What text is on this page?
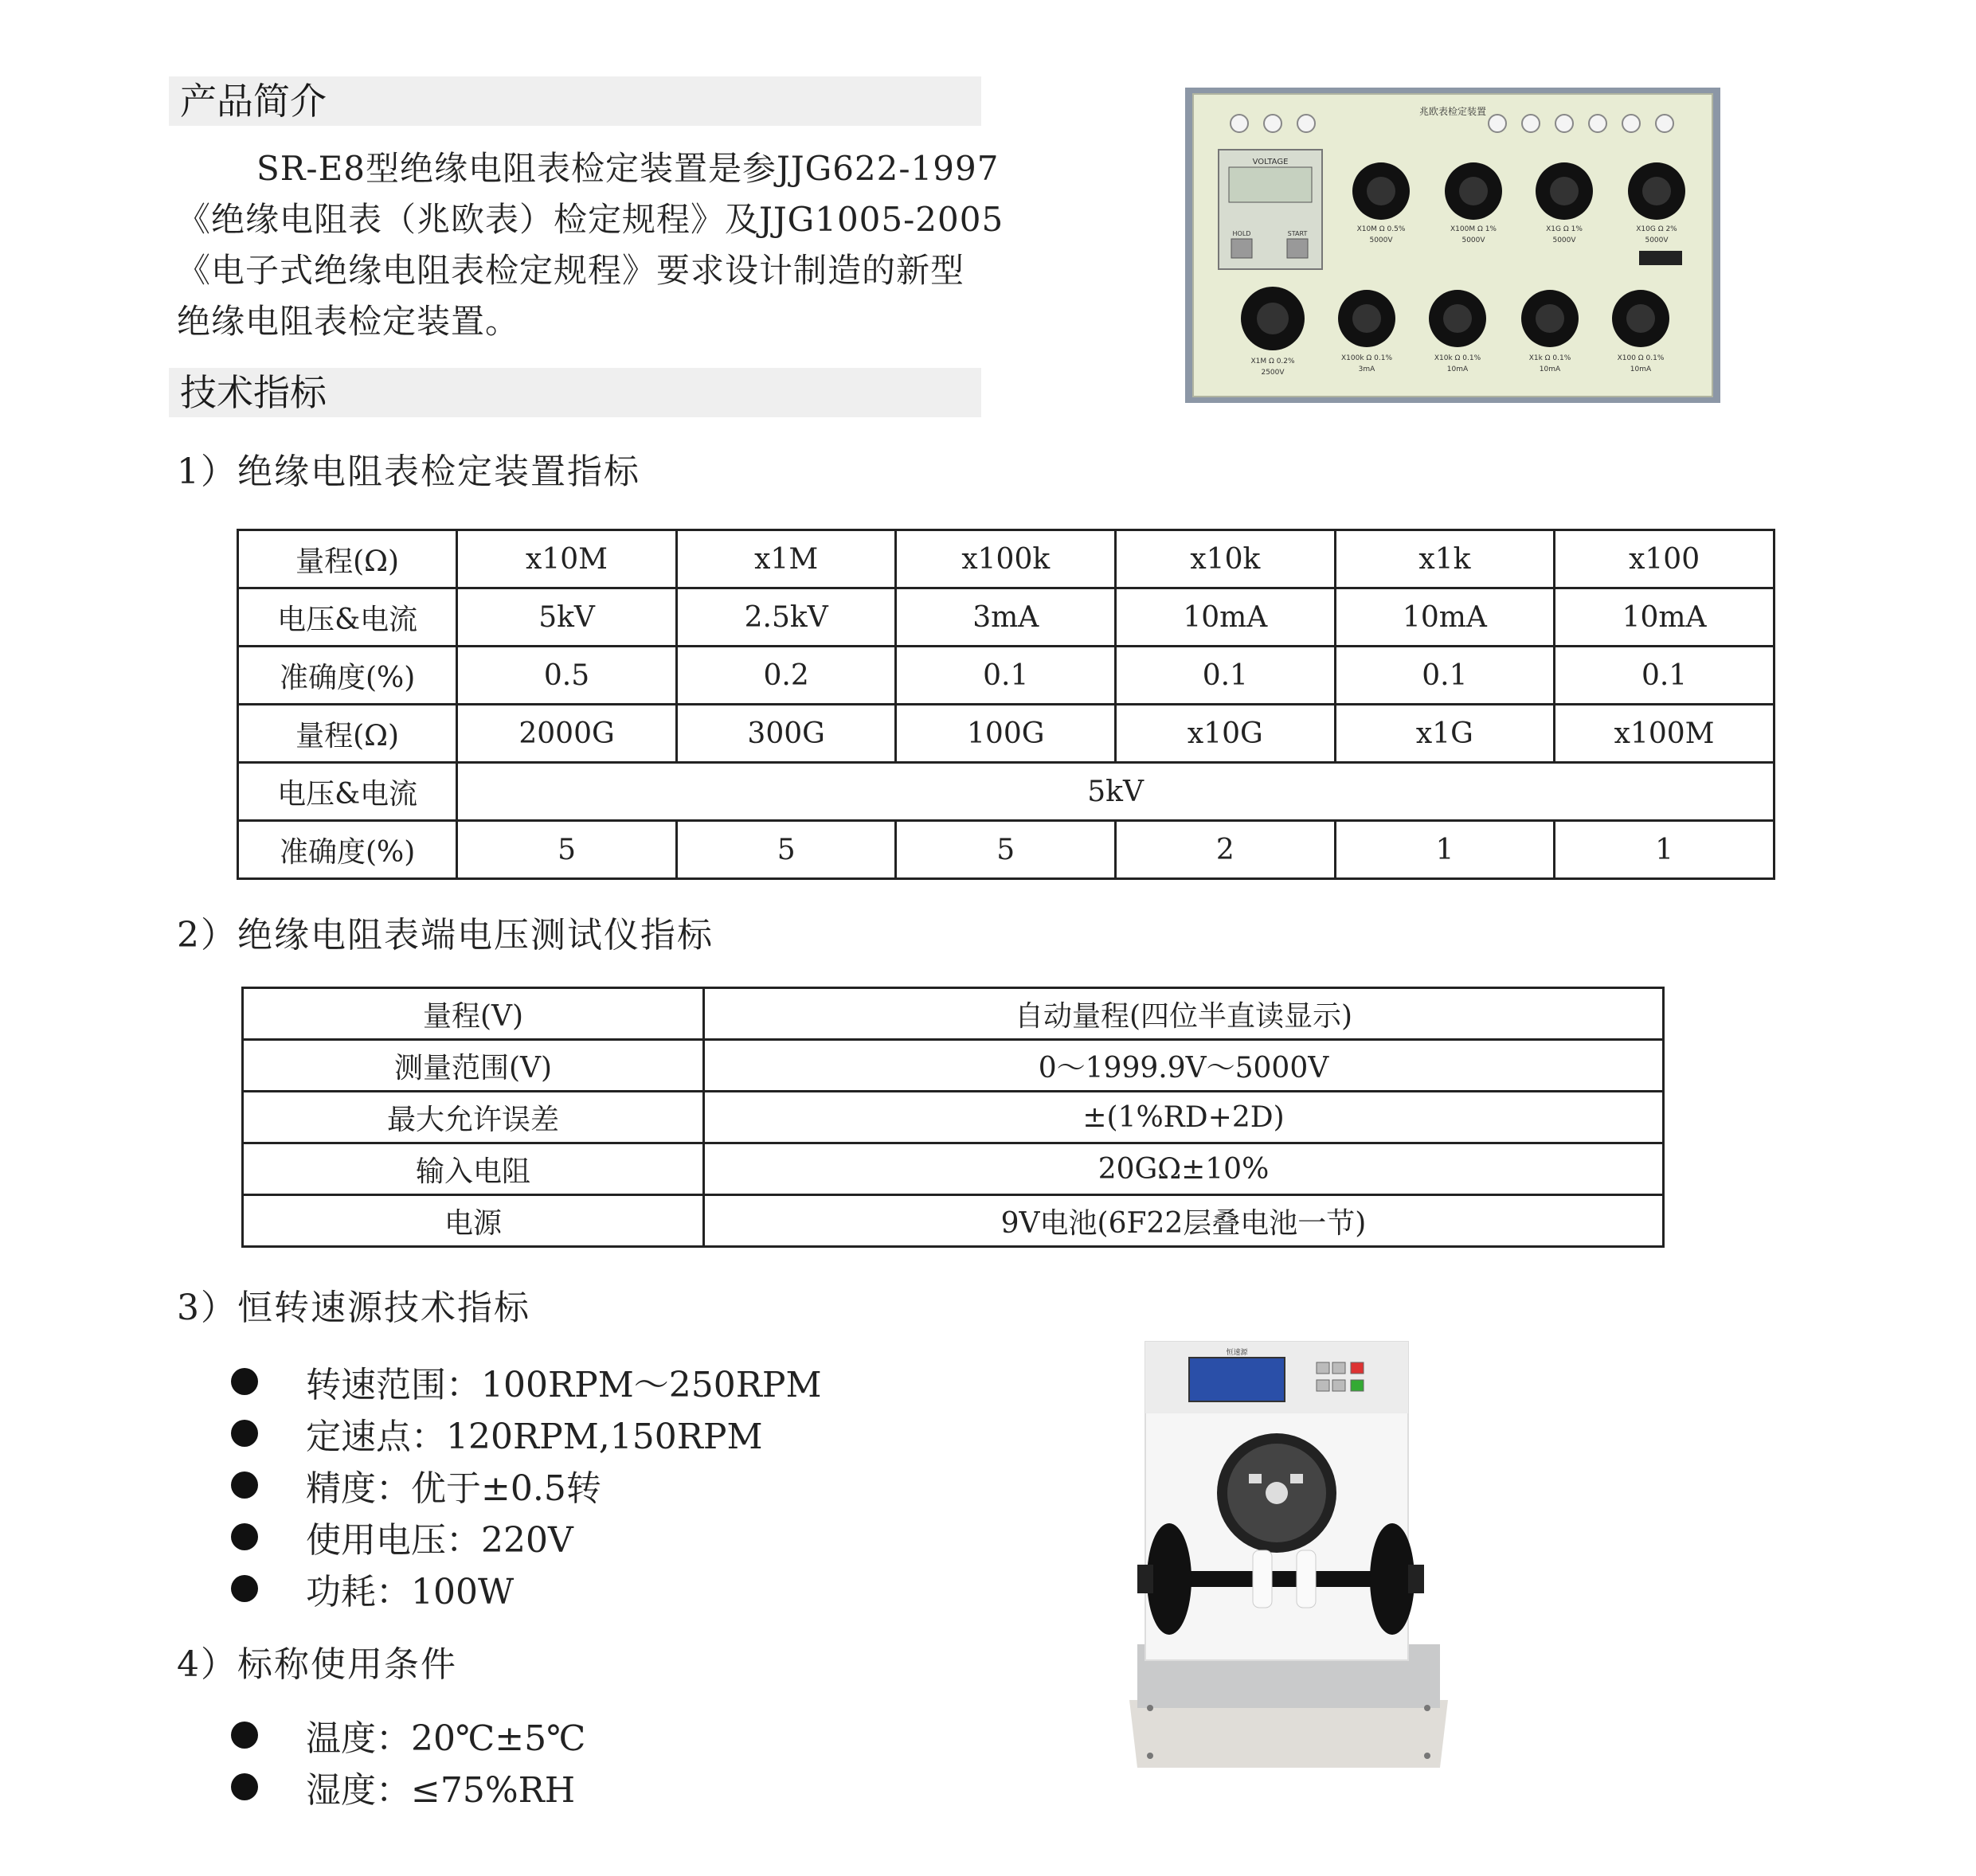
产品简介
SR-E8型绝缘电阻表检定装置是参JJG622-1997
《绝缘电阻表（兆欧表）检定规程》及JJG1005-2005
《电子式绝缘电阻表检定规程》要求设计制造的新型
绝缘电阻表检定装置。
技术指标
兆欧表检定装置
VOLTAGE
HOLD	START
X10M Ω 0.5%	X100M Ω 1%	X1G Ω 1%	X10G Ω 2%
5000V	5000V	5000V	5000V
X1M Ω 0.2%	X100k Ω 0.1%	X10k Ω 0.1%	X1k Ω 0.1%	X100 Ω 0.1%
2500V	3mA	10mA	10mA	10mA
1）绝缘电阻表检定装置指标
量程(Ω)	x10M	x1M	x100k	x10k	x1k	x100
电压&电流	5kV	2.5kV	3mA	10mA	10mA	10mA
准确度(%)	0.5	0.2	0.1	0.1	0.1	0.1
量程(Ω)	2000G	300G	100G	x10G	x1G	x100M
电压&电流	5kV					
准确度(%)	5	5	5	2	1	1
2）绝缘电阻表端电压测试仪指标
量程(V)	自动量程(四位半直读显示)
测量范围(V)	0～1999.9V～5000V
最大允许误差	±(1%RD+2D)
输入电阻	20GΩ±10%
电源	9V电池(6F22层叠电池一节)
3）恒转速源技术指标
转速范围：100RPM～250RPM
定速点：120RPM,150RPM
精度：优于±0.5转
使用电压：220V
功耗：100W
4）标称使用条件
温度：20℃±5℃
湿度：≤75%RH
恒速源
